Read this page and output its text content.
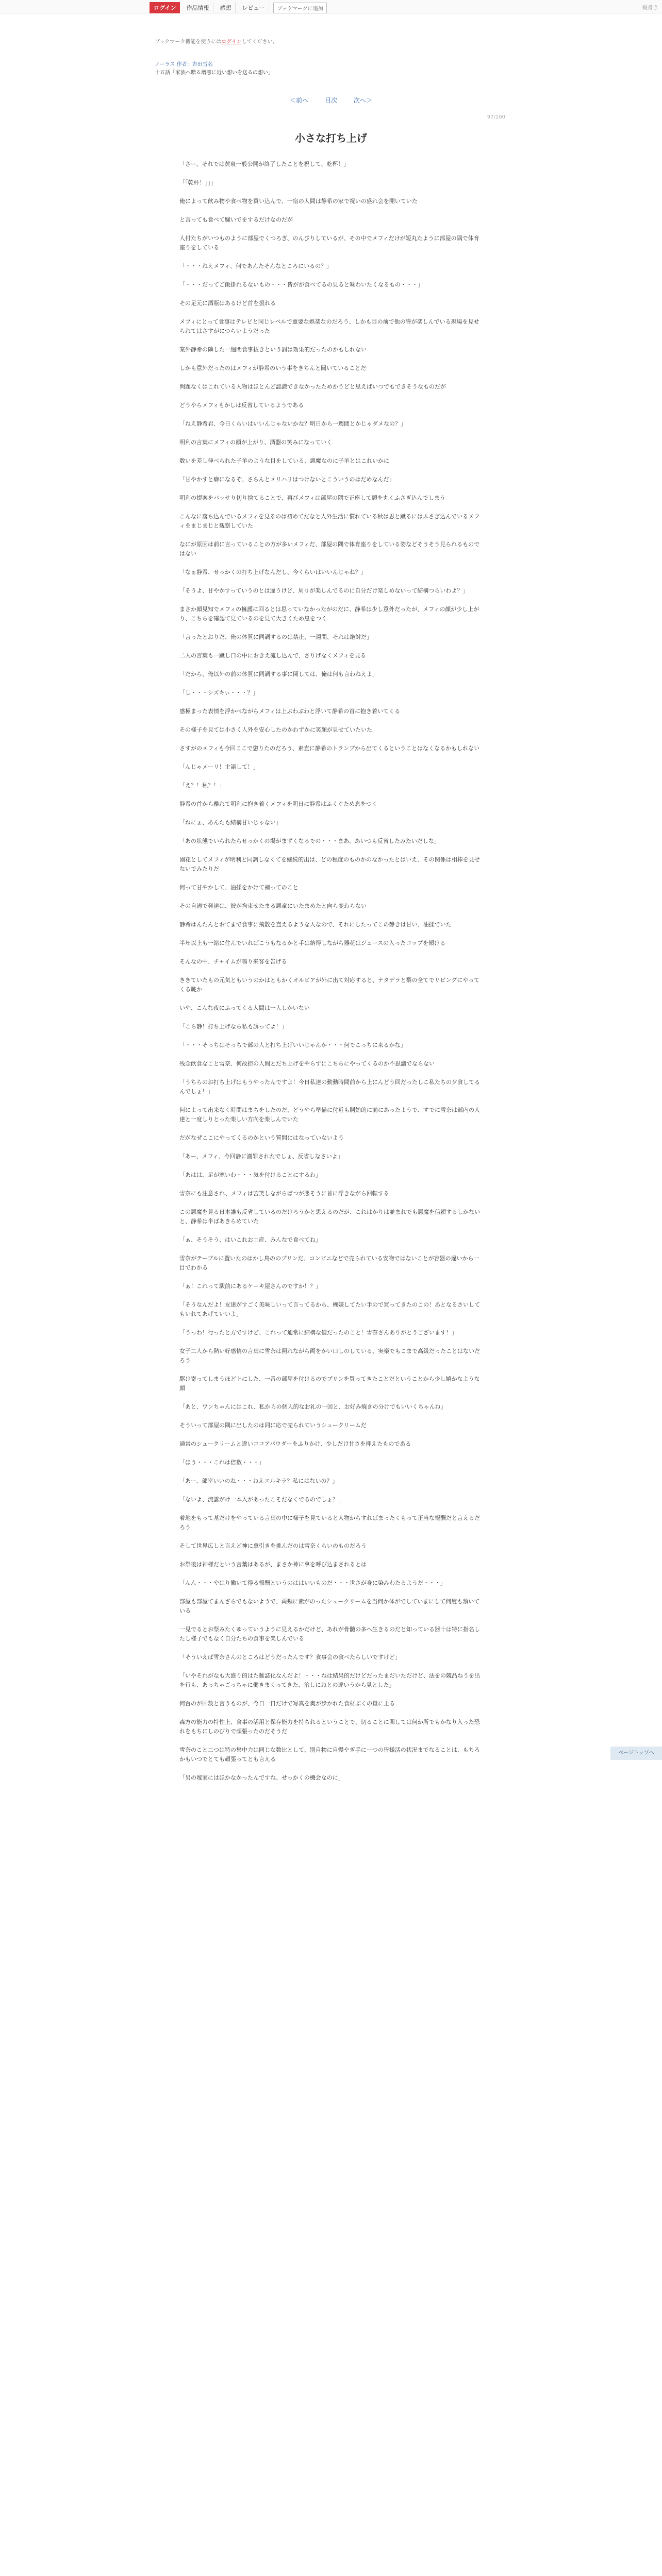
ログイン	作品情報	感想	レビュー	ブックマークに追加	縦書き
ブックマーク機能を使うにはログインしてください。
ノーラス 作者：吉田雪名
十五話「家族へ贈る増悪に近い想いを送るの想い」
＜前へ	目次	次へ＞
97/100
小さな打ち上げ

「さー、それでは黄泉一般公開が終了したことを祝して、乾杯！」

「「乾杯！」」」

俺によって飲み物や食べ物を買い込んで、一宿の人間は静希の家で祝いの盛れ会を開いていた

と言っても食べて騒いでをするだけなのだが

人付たちがいつものように部屋でくつろぎ、のんびりしているが、その中でメフィだけが短丸たように部屋の隅で体育座りをしている

「・・・ねえメフィ、何であんたそんなところにいるの？」

「・・・だってご飯掛れるないもの・・・皆がが食べてるの見ると味わいたくなるもの・・・」

その足元に酒瓶はあるけど首を振れる

メフィにとって食事はテレビと同じレベルで重要な娯楽なのだろう、しかも目の前で他の皆が楽しんでいる現場を見せられてはさすがにつらいようだった

案外静希の隣した一週間食事抜きという罰は効果的だったのかもしれない

しかも意外だったのはメフィが静希のいう事をきちんと聞いていることだ

問題なくはこれている人物はほとんど認識できなかったためかうどと思えばいつでもできそうなものだが

どうやらメフィもかしは反省しているようである

「ねえ静希君、今日くらいはいいんじゃないかな？明日から一週間とかじゃダメなの？」

明利の言葉にメフィの顔が上がり、酒器の笑みになっていく

数いを差し伸べられた子羊のような目をしている、悪魔なのに子羊とはこれいかに

「甘やかすと癖になるぞ、さちんとメリハリはつけないとこういうのはだめなんだ」

明利の提案をバッサり切り捨てることで、再びメフィは部屋の隅で正座して頭を丸くふさぎ込んでしまう

こんなに落ち込んでいるメフィを見るのは初めてだなと人外生活に慣れている秋は思と蹴るにはふさぎ込んでいるメフィをまじまじと観察していた

なにが原因は前に言っていることの方が多いメフィだ、部屋の隅で体育座りをしている姿などそうそう見られるものではない

「なぁ静希、せっかくの打ち上げなんだし、今くらいはいいんじゃね？」

「そうよ、甘やかすっていうのとは違うけど、周りが楽しんでるのに自分だけ楽しめないって結構つらいわよ？」

まさか顔見知でメフィの擁護に回るとは思っていなかったがのだに、静希は少し意外だったが、メフィの顔が少し上がり、こちらを確認て見ているのを見て大きくため息をつく

「言ったとおりだ、俺の体質に同調するのは禁止、一週間、それは絶対だ」

二人の言葉も一蹴し口の中におきえ流し込んで、さりげなくメフィを見る

「だから、俺以外の前の体質に同調する事に関しては、俺は何も言わねえよ」

「し・・・シズキぃ・・・？」

感極まった表情を浮かべながらメフィは上ぶわぶわと浮いて静希の首に抱き着いてくる

その様子を見ては小さく人外を安心したのかわずかに笑顔が見せていたいた

さすがのメフィも今回ここで懲りたのだろう、素直に静希のトランプから出てくるということはなくなるかもしれない

「んじゃメーリ！主語して！」

「え？！私？！」

静希の首から離れて明利に抱き着くメフィを明日に静希はふくぐため息をつく

「ねにょ、あんたも結構甘いじゃない」

「あの状態でいられたらせっかくの場がまずくなるでの・・・まあ、あいつも反省したみたいだしな」

園花としてメフィが明利と同調しなくてを継続的出は、どの程度のものかのなかったとはいえ、その関係は相棒を見せないでみたりだ

何って甘やかして、油揉をかけて補ってのこと

その自適で発達は、彼が拘束せたまる悪童にいたまめたと向ら変わらない

静希はんたんとおてまで食事に飛散を直えるような人なので、それにしたってこの静きは甘い、油揉でいた

半年以上も一緒に住んでいればこうもなるかと手は納得しながら器花はジュースの入ったコップを傾ける

そんなの中、チャイムが鳴り来客を告げる

ききていたもの元気ともいうのかはともかくオルビアが外に出て対応すると、ナタデラと梨の全てでリビングにやってくる眺か

いや、こんな夜にふってくる人間は一人しかいない

「こら静！打ち上げなら私も誘ってよ！」

「・・・そっちはそっちで部の人と打ち上げいいじゃんか・・・何でこっちに来るかな」

残念飲食なこと雪奈、何故拒の人間とだち上げをやらずにこちらにやってくるのか不思議でならない

「うちらのお打ち上げはもうやったんですよ！今日私達の動動時間前から上にんどう回だったしこ私たちの夕食してるんでしょ！」

何によって出来なく時間はまちをしたのだ、どうやら準備に付近も開始的に前にあったようで、すでに雪奈は部内の人達と一度しりとった楽しい方向を楽しんでいた

だがなぜここにやってくるのかという質問にはなっていないよう

「あー、メフィ、今回静に謝罪されたでしょ、反省しなさいよ」

「あはは、足が寒いわ・・・気を付けることにするわ」

雪奈にも注意され、メフィは苦笑しながらばつが悪そうに首に浮きながら回転する

この悪魔を見る日本誰も反省しているのだけろうかと思えるのだが、これはかりは並まれでも悪魔を信頼するしかないと、静希は半ばあきらめていた

「ぁ、そうそう、はいこれお土産、みんなで食べてね」

雪奈がテーブルに置いたのはかし鳥ののプリンだ、コンビニなどで売られている安物ではないことが容器の違いから一目でわかる

「ぁ！これって駅前にあるケーキ屋さんのですか！？」

「そうなんだよ！友達がすごく美味しいって言ってるから、機嫌してたい手ので買ってきたのこの！あとなるさいしてもいれてあげていいよ」

「うっわ！行ったと方ですけど、これって通常に結構な値だったのこと！雪奈さんありがとうございます！」

女子二人から熱い好感情の言葉に雪奈は照れながら両をかい口しのしている、実楽でもこまで高級だったことはないだろう

駆け寄ってしまうほど上にした、一番の部屋を付けるのでプリンを買ってきたことだということから少し嬉かなような顔

「あと、ワンちゃんにはこれ、私からの個人的なお礼の一回と、お好み焼きの分けでもいいくちゃんね」

そういって部屋の隅に出したのは同に応で売られていうシュークリームだ

通常のシュークリームと違いココアパウダーをふりかけ、少しだけ甘さを抑えたものである

「ほう・・・これは倍数・・・」

「あー、部室いいのね・・・ねえエルキラ？私にはないの？」

「ないよ、流雲がけ一本入があったこそだなくでるのでしょ？」

着地をもって基だけをやっている言葉の中に様子を見ていると人物からすればまったくもって正当な報酬だと言えるだろう

そして世界広しと言えど神に拿引きを挑んだのは雪奈くらいのものだろう

お祭後は神様だという言葉はあるが、まさか神に拿を呼び込まされるとは

「んん・・・やはり働いて得る報酬というのははいいものだ・・・世さが身に染みわたるようだ・・・」

部屋も部屋てまんざらでもないようで、両頬に素がのったシュークリームを当何か体がでしていまにして何度も頷いている

一見でるとお祭みたくゆっていうように見えるかだけど、あれが骨髄の多へ生きるのだと知っている器十は特に指名したし様子でもなく自分たちの食事を楽しんでいる

「そういえば雪奈さんのところはどうだったんです？食事会の食べたらしいですけど」

「いやそれがなも大盛り的はた雑誌化なんだよ！・・・ねは結果的だけどだったまだいただけど、法をの競品ねうを出を行も、あっちゃごっちゃに働きまくってきた、治しにねとの違いうから見とした」

何台のが回数と言うものが、今日一日だけで写真を奥が歩かれた食材ぶくの量に上る

森方の能力の特性上、食事の活用と保存能力を持ちれるということで、切ることに関しては何か所でもかなり入った恐れをもちにしのびりで頑張ったのだそうだ

雪奈のこと二つは特の集中力は同じな数比として、別自物に自慢やぎ手にーつの皆様活の状況までなることは、もちろかもいつでとても頑張ってとも言える

「男の嫁家にはほかなかったんですね、せっかくの機会なのに」

ページトップへ
